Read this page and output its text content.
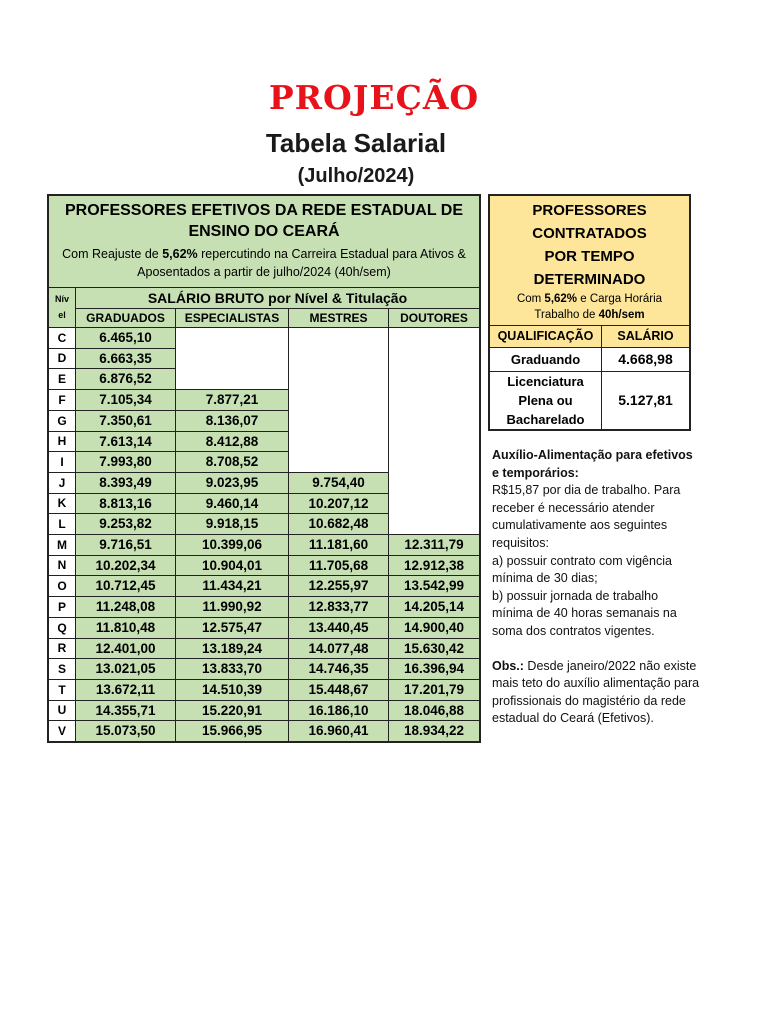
PROJEÇÃO
Tabela Salarial
(Julho/2024)
PROFESSORES EFETIVOS DA REDE ESTADUAL DE ENSINO DO CEARÁ
Com Reajuste de 5,62% repercutindo na Carreira Estadual para Ativos & Aposentados a partir de julho/2024 (40h/sem)
Nív
el
SALÁRIO BRUTO por Nível & Titulação
GRADUADOS	ESPECIALISTAS	MESTRES	DOUTORES
C	6.465,10
D	6.663,35
E	6.876,52
F	7.105,34	7.877,21
G	7.350,61	8.136,07
H	7.613,14	8.412,88
I	7.993,80	8.708,52
J	8.393,49	9.023,95	9.754,40
K	8.813,16	9.460,14	10.207,12
L	9.253,82	9.918,15	10.682,48
M	9.716,51	10.399,06	11.181,60	12.311,79
N	10.202,34	10.904,01	11.705,68	12.912,38
O	10.712,45	11.434,21	12.255,97	13.542,99
P	11.248,08	11.990,92	12.833,77	14.205,14
Q	11.810,48	12.575,47	13.440,45	14.900,40
R	12.401,00	13.189,24	14.077,48	15.630,42
S	13.021,05	13.833,70	14.746,35	16.396,94
T	13.672,11	14.510,39	15.448,67	17.201,79
U	14.355,71	15.220,91	16.186,10	18.046,88
V	15.073,50	15.966,95	16.960,41	18.934,22
PROFESSORES
CONTRATADOS
POR TEMPO
DETERMINADO
Com 5,62% e Carga Horária
Trabalho de 40h/sem
QUALIFICAÇÃO	SALÁRIO
Graduando	4.668,98
Licenciatura
Plena ou
Bacharelado
5.127,81

Auxílio-Alimentação para efetivos e temporários:

R$15,87 por dia de trabalho. Para receber é necessário atender cumulativamente aos seguintes requisitos:

a) possuir contrato com vigência mínima de 30 dias;

b) possuir jornada de trabalho mínima de 40 horas semanais na soma dos contratos vigentes.

Obs.: Desde janeiro/2022 não existe mais teto do auxílio alimentação para profissionais do magistério da rede estadual do Ceará (Efetivos).
